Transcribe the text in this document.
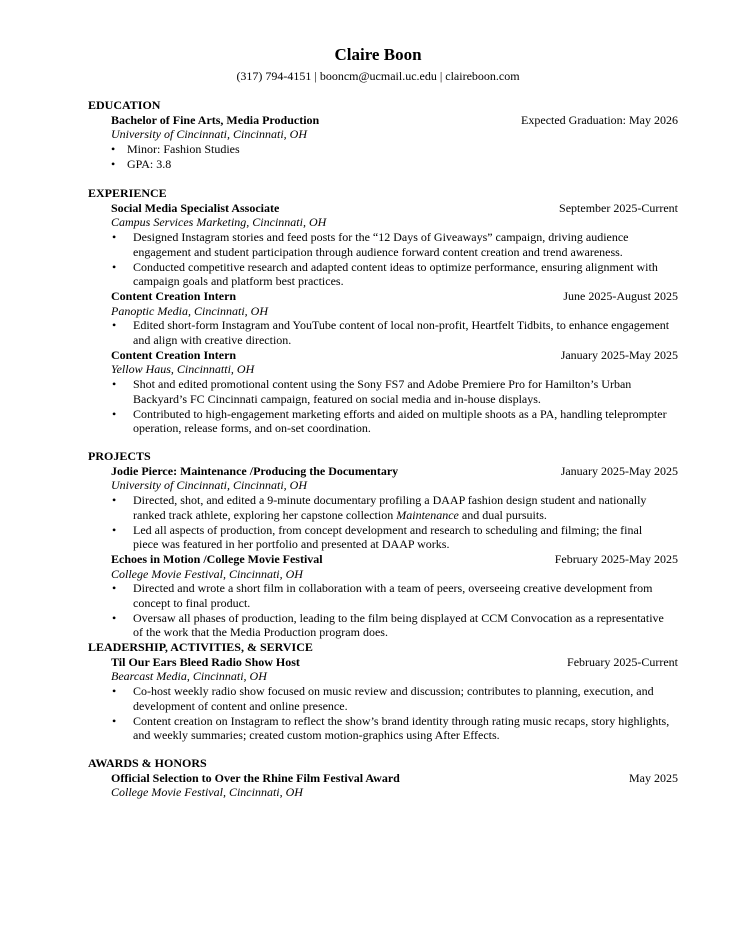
Claire Boon
(317) 794-4151 | booncm@ucmail.uc.edu | claireboon.com
EDUCATION
Bachelor of Fine Arts, Media Production	Expected Graduation: May 2026
University of Cincinnati, Cincinnati, OH
• Minor: Fashion Studies
• GPA: 3.8
EXPERIENCE
Social Media Specialist Associate	September 2025-Current
Campus Services Marketing, Cincinnati, OH
• Designed Instagram stories and feed posts for the “12 Days of Giveaways” campaign, driving audience engagement and student participation through audience forward content creation and trend awareness.
• Conducted competitive research and adapted content ideas to optimize performance, ensuring alignment with campaign goals and platform best practices.
Content Creation Intern	June 2025-August 2025
Panoptic Media, Cincinnati, OH
• Edited short-form Instagram and YouTube content of local non-profit, Heartfelt Tidbits, to enhance engagement and align with creative direction.
Content Creation Intern	January 2025-May 2025
Yellow Haus, Cincinnatti, OH
• Shot and edited promotional content using the Sony FS7 and Adobe Premiere Pro for Hamilton’s Urban Backyard’s FC Cincinnati campaign, featured on social media and in-house displays.
• Contributed to high-engagement marketing efforts and aided on multiple shoots as a PA, handling teleprompter operation, release forms, and on-set coordination.
PROJECTS
Jodie Pierce: Maintenance /Producing the Documentary	January 2025-May 2025
University of Cincinnati, Cincinnati, OH
• Directed, shot, and edited a 9-minute documentary profiling a DAAP fashion design student and nationally ranked track athlete, exploring her capstone collection Maintenance and dual pursuits.
• Led all aspects of production, from concept development and research to scheduling and filming; the final piece was featured in her portfolio and presented at DAAP works.
Echoes in Motion /College Movie Festival	February 2025-May 2025
College Movie Festival, Cincinnati, OH
• Directed and wrote a short film in collaboration with a team of peers, overseeing creative development from concept to final product.
• Oversaw all phases of production, leading to the film being displayed at CCM Convocation as a representative of the work that the Media Production program does.
LEADERSHIP, ACTIVITIES, & SERVICE
Til Our Ears Bleed Radio Show Host	February 2025-Current
Bearcast Media, Cincinnati, OH
• Co-host weekly radio show focused on music review and discussion; contributes to planning, execution, and development of content and online presence.
• Content creation on Instagram to reflect the show’s brand identity through rating music recaps, story highlights, and weekly summaries; created custom motion-graphics using After Effects.
AWARDS & HONORS
Official Selection to Over the Rhine Film Festival Award	May 2025
College Movie Festival, Cincinnati, OH
